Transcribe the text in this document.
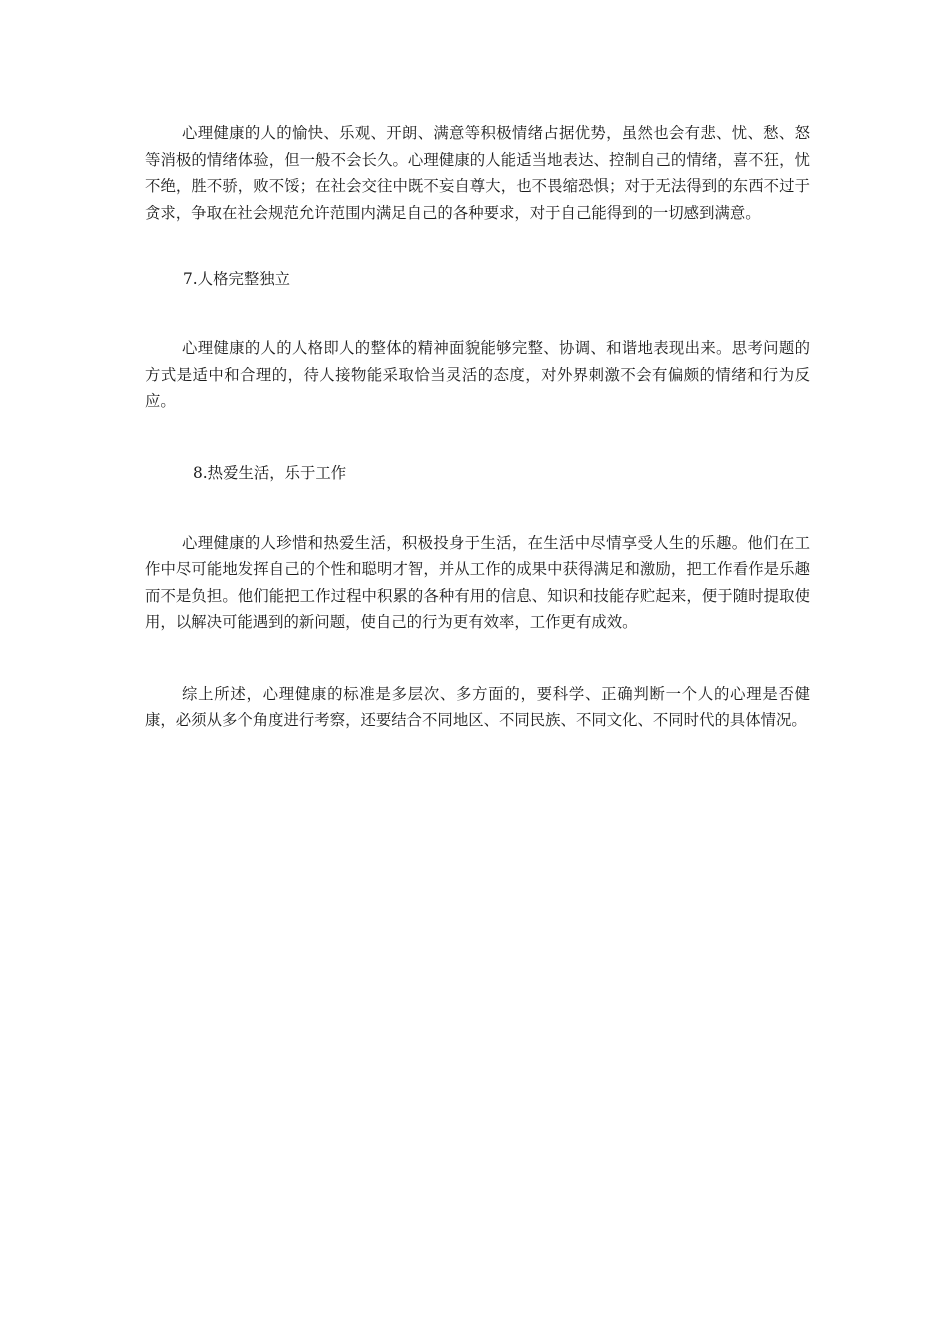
心理健康的人的愉快、乐观、开朗、满意等积极情绪占据优势，虽然也会有悲、忧、愁、怒等消极的情绪体验，但一般不会长久。心理健康的人能适当地表达、控制自己的情绪，喜不狂，忧不绝，胜不骄，败不馁；在社会交往中既不妄自尊大，也不畏缩恐惧；对于无法得到的东西不过于贪求，争取在社会规范允许范围内满足自己的各种要求，对于自己能得到的一切感到满意。

7.人格完整独立

心理健康的人的人格即人的整体的精神面貌能够完整、协调、和谐地表现出来。思考问题的方式是适中和合理的，待人接物能采取恰当灵活的态度，对外界刺激不会有偏颇的情绪和行为反应。

8.热爱生活，乐于工作

心理健康的人珍惜和热爱生活，积极投身于生活，在生活中尽情享受人生的乐趣。他们在工作中尽可能地发挥自己的个性和聪明才智，并从工作的成果中获得满足和激励，把工作看作是乐趣而不是负担。他们能把工作过程中积累的各种有用的信息、知识和技能存贮起来，便于随时提取使用，以解决可能遇到的新问题，使自己的行为更有效率，工作更有成效。

综上所述，心理健康的标准是多层次、多方面的，要科学、正确判断一个人的心理是否健康，必须从多个角度进行考察，还要结合不同地区、不同民族、不同文化、不同时代的具体情况。
